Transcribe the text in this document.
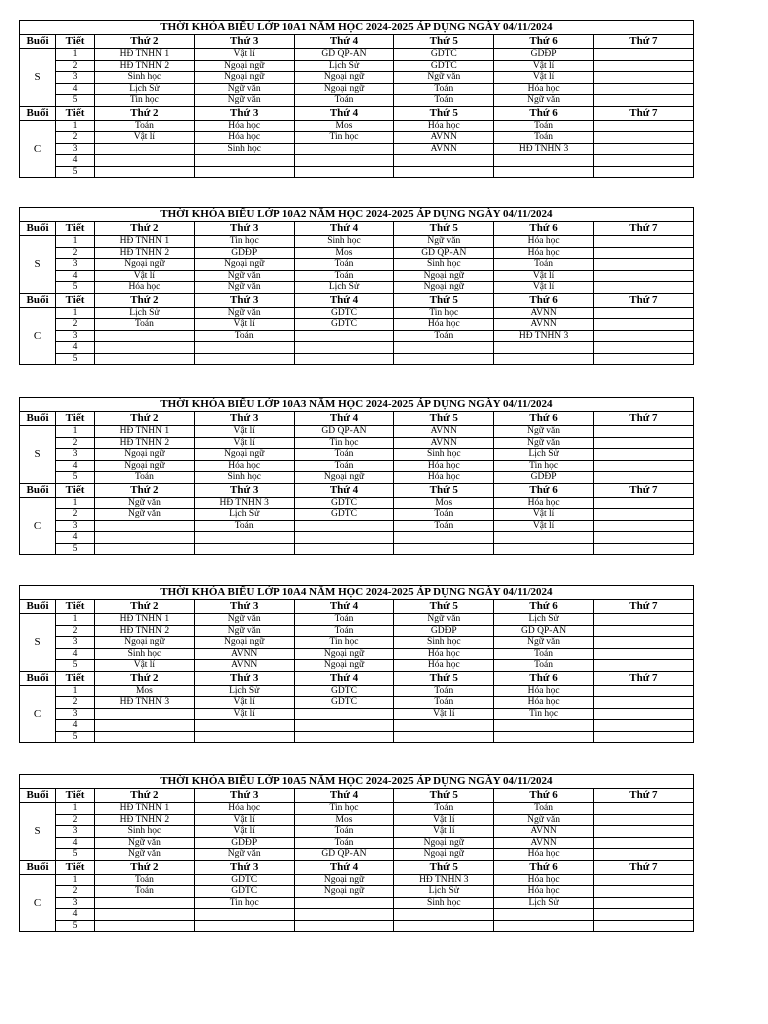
THỜI KHÓA BIỂU LỚP 10A1 NĂM HỌC 2024-2025 ÁP DỤNG NGÀY 04/11/2024							
Buổi	Tiết	Thứ 2	Thứ 3	Thứ 4	Thứ 5	Thứ 6	Thứ 7
S	1	HĐ TNHN 1	Vật lí	GD QP-AN	GDTC	GDĐP	
	2	HĐ TNHN 2	Ngoại ngữ	Lịch Sử	GDTC	Vật lí	
	3	Sinh học	Ngoại ngữ	Ngoại ngữ	Ngữ văn	Vật lí	
	4	Lịch Sử	Ngữ văn	Ngoại ngữ	Toán	Hóa học	
	5	Tin học	Ngữ văn	Toán	Toán	Ngữ văn	
Buổi	Tiết	Thứ 2	Thứ 3	Thứ 4	Thứ 5	Thứ 6	Thứ 7
C	1	Toán	Hóa học	Mos	Hóa học	Toán	
	2	Vật lí	Hóa học	Tin học	AVNN	Toán	
	3		Sinh học		AVNN	HĐ TNHN 3	
	4						
	5						
THỜI KHÓA BIỂU LỚP 10A2 NĂM HỌC 2024-2025 ÁP DỤNG NGÀY 04/11/2024							
Buổi	Tiết	Thứ 2	Thứ 3	Thứ 4	Thứ 5	Thứ 6	Thứ 7
S	1	HĐ TNHN 1	Tin học	Sinh học	Ngữ văn	Hóa học	
	2	HĐ TNHN 2	GDĐP	Mos	GD QP-AN	Hóa học	
	3	Ngoại ngữ	Ngoại ngữ	Toán	Sinh học	Toán	
	4	Vật lí	Ngữ văn	Toán	Ngoại ngữ	Vật lí	
	5	Hóa học	Ngữ văn	Lịch Sử	Ngoại ngữ	Vật lí	
Buổi	Tiết	Thứ 2	Thứ 3	Thứ 4	Thứ 5	Thứ 6	Thứ 7
C	1	Lịch Sử	Ngữ văn	GDTC	Tin học	AVNN	
	2	Toán	Vật lí	GDTC	Hóa học	AVNN	
	3		Toán		Toán	HĐ TNHN 3	
	4						
	5						
THỜI KHÓA BIỂU LỚP 10A3 NĂM HỌC 2024-2025 ÁP DỤNG NGÀY 04/11/2024							
Buổi	Tiết	Thứ 2	Thứ 3	Thứ 4	Thứ 5	Thứ 6	Thứ 7
S	1	HĐ TNHN 1	Vật lí	GD QP-AN	AVNN	Ngữ văn	
	2	HĐ TNHN 2	Vật lí	Tin học	AVNN	Ngữ văn	
	3	Ngoại ngữ	Ngoại ngữ	Toán	Sinh học	Lịch Sử	
	4	Ngoại ngữ	Hóa học	Toán	Hóa học	Tin học	
	5	Toán	Sinh học	Ngoại ngữ	Hóa học	GDĐP	
Buổi	Tiết	Thứ 2	Thứ 3	Thứ 4	Thứ 5	Thứ 6	Thứ 7
C	1	Ngữ văn	HĐ TNHN 3	GDTC	Mos	Hóa học	
	2	Ngữ văn	Lịch Sử	GDTC	Toán	Vật lí	
	3		Toán		Toán	Vật lí	
	4						
	5						
THỜI KHÓA BIỂU LỚP 10A4 NĂM HỌC 2024-2025 ÁP DỤNG NGÀY 04/11/2024							
Buổi	Tiết	Thứ 2	Thứ 3	Thứ 4	Thứ 5	Thứ 6	Thứ 7
S	1	HĐ TNHN 1	Ngữ văn	Toán	Ngữ văn	Lịch Sử	
	2	HĐ TNHN 2	Ngữ văn	Toán	GDĐP	GD QP-AN	
	3	Ngoại ngữ	Ngoại ngữ	Tin học	Sinh học	Ngữ văn	
	4	Sinh học	AVNN	Ngoại ngữ	Hóa học	Toán	
	5	Vật lí	AVNN	Ngoại ngữ	Hóa học	Toán	
Buổi	Tiết	Thứ 2	Thứ 3	Thứ 4	Thứ 5	Thứ 6	Thứ 7
C	1	Mos	Lịch Sử	GDTC	Toán	Hóa học	
	2	HĐ TNHN 3	Vật lí	GDTC	Toán	Hóa học	
	3		Vật lí		Vật lí	Tin học	
	4						
	5						
THỜI KHÓA BIỂU LỚP 10A5 NĂM HỌC 2024-2025 ÁP DỤNG NGÀY 04/11/2024							
Buổi	Tiết	Thứ 2	Thứ 3	Thứ 4	Thứ 5	Thứ 6	Thứ 7
S	1	HĐ TNHN 1	Hóa học	Tin học	Toán	Toán	
	2	HĐ TNHN 2	Vật lí	Mos	Vật lí	Ngữ văn	
	3	Sinh học	Vật lí	Toán	Vật lí	AVNN	
	4	Ngữ văn	GDĐP	Toán	Ngoại ngữ	AVNN	
	5	Ngữ văn	Ngữ văn	GD QP-AN	Ngoại ngữ	Hóa học	
Buổi	Tiết	Thứ 2	Thứ 3	Thứ 4	Thứ 5	Thứ 6	Thứ 7
C	1	Toán	GDTC	Ngoại ngữ	HĐ TNHN 3	Hóa học	
	2	Toán	GDTC	Ngoại ngữ	Lịch Sử	Hóa học	
	3		Tin học		Sinh học	Lịch Sử	
	4						
	5						
